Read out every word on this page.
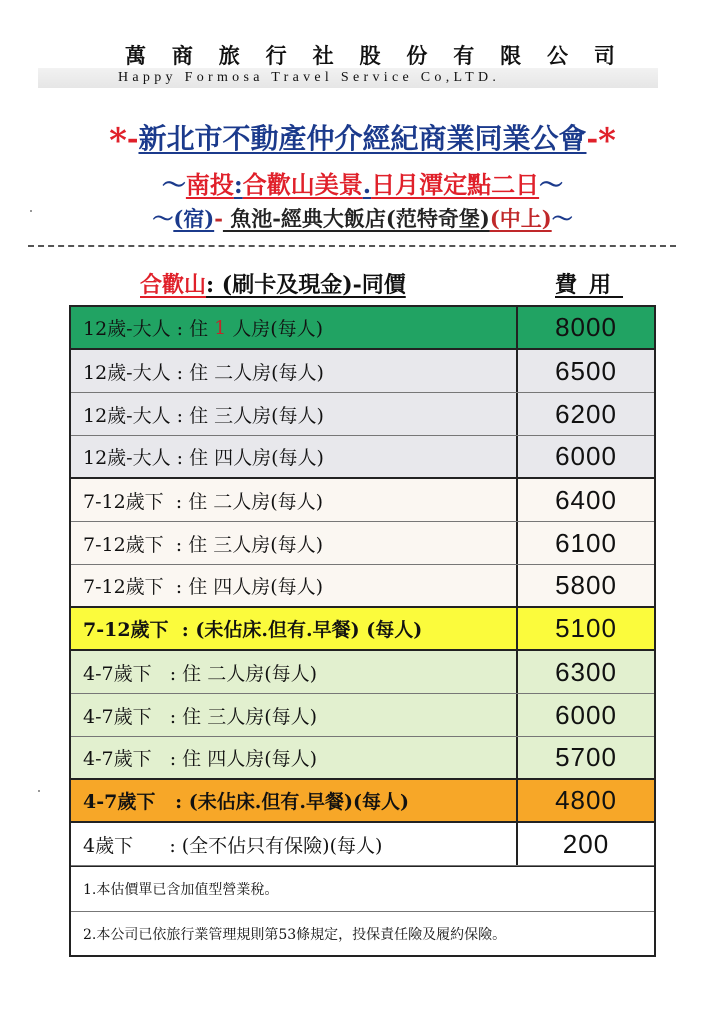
萬 商 旅 行 社 股 份 有 限 公 司
Happy Formosa Travel Service Co,LTD.
*-新北市不動產仲介經紀商業同業公會-*
～南投:合歡山美景.日月潭定點二日～
～(宿)- 魚池-經典大飯店(范特奇堡)(中上)～
合歡山: (刷卡及現金)-同價	費用
12歲-大人 : 住 1 人房(每人)	8000
12歲-大人 : 住 二人房(每人)	6500
12歲-大人 : 住 三人房(每人)	6200
12歲-大人 : 住 四人房(每人)	6000
7-12歲下  : 住 二人房(每人)	6400
7-12歲下  : 住 三人房(每人)	6100
7-12歲下  : 住 四人房(每人)	5800
7-12歲下  : (未佔床.但有.早餐) (每人)	5100
4-7歲下   : 住 二人房(每人)	6300
4-7歲下   : 住 三人房(每人)	6000
4-7歲下   : 住 四人房(每人)	5700
4-7歲下   : (未佔床.但有.早餐)(每人)	4800
4歲下      : (全不佔只有保險)(每人)	200
1.本估價單已含加值型營業稅。
2.本公司已依旅行業管理規則第53條規定，投保責任險及履約保險。
